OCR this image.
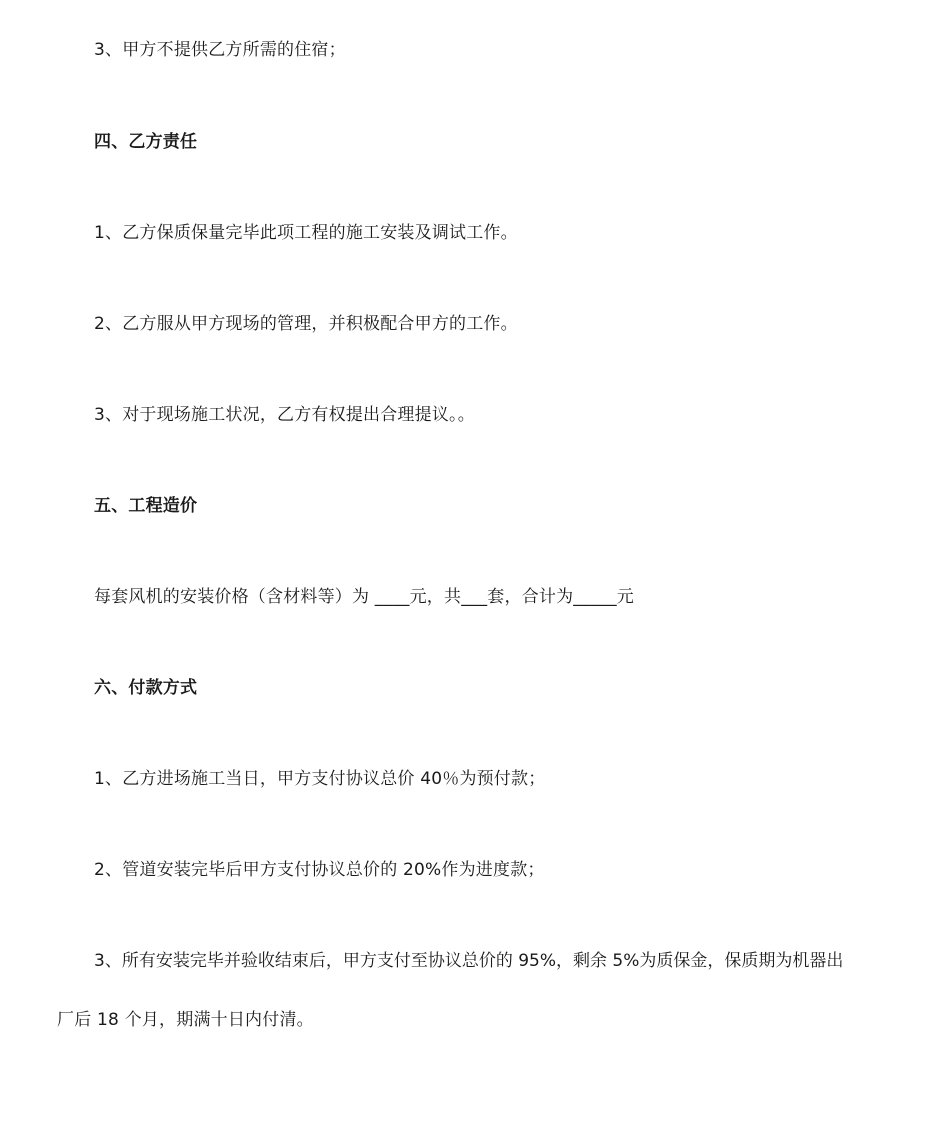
3、甲方不提供乙方所需的住宿；
四、乙方责任
1、乙方保质保量完毕此项工程的施工安装及调试工作。
2、乙方服从甲方现场的管理，并积极配合甲方的工作。
3、对于现场施工状况，乙方有权提出合理提议。。
五、工程造价
每套风机的安装价格（含材料等）为 ____元，共___套，合计为_____元
六、付款方式
1、乙方进场施工当日，甲方支付协议总价 40％为预付款；
2、管道安装完毕后甲方支付协议总价的 20%作为进度款；
3、所有安装完毕并验收结束后，甲方支付至协议总价的 95%，剩余 5%为质保金，保质期为机器出
厂后 18 个月，期满十日内付清。
